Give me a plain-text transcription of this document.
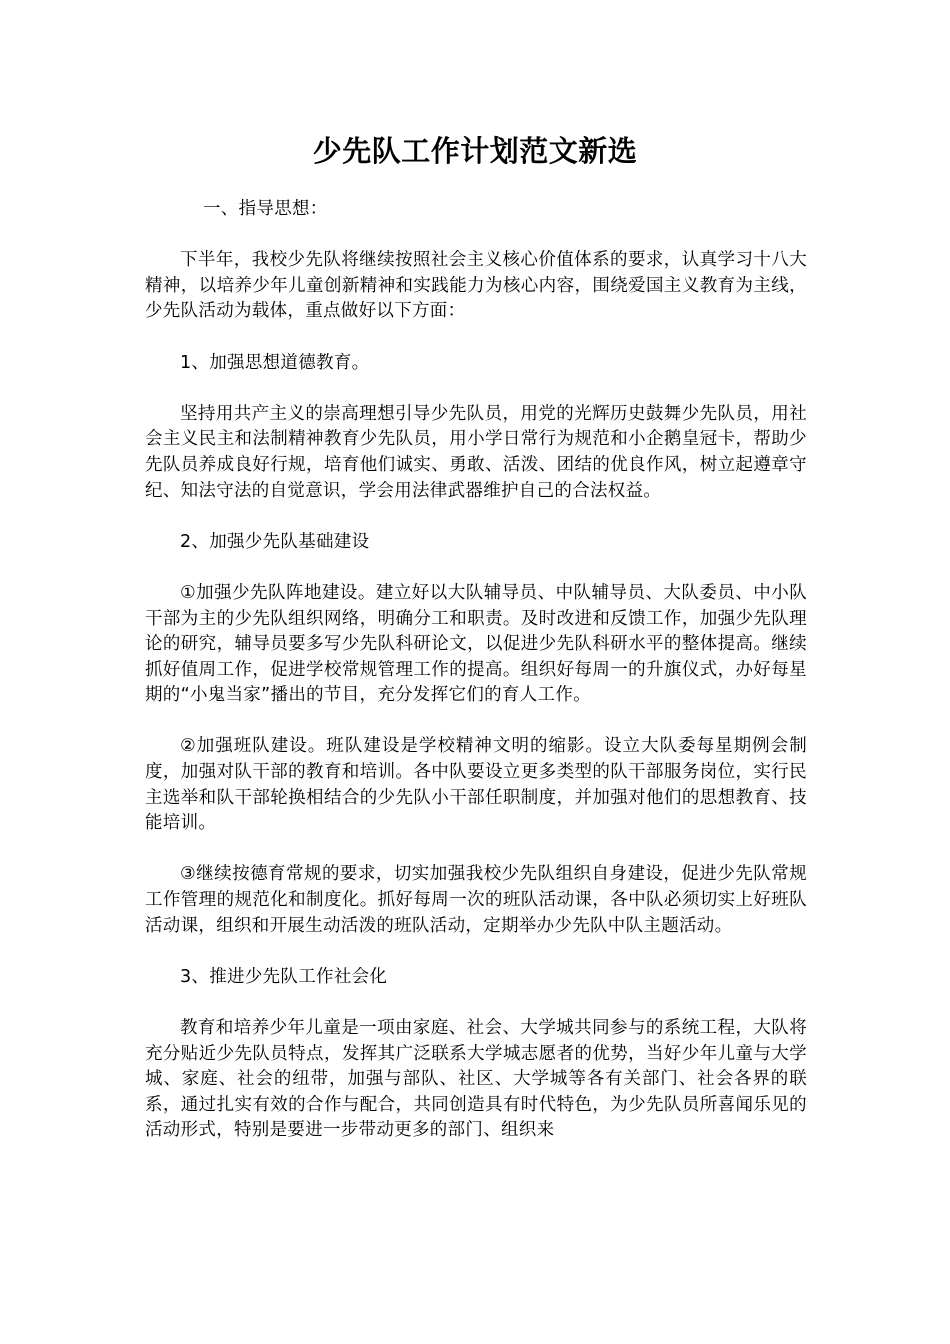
少先队工作计划范文新选

一、指导思想：

下半年，我校少先队将继续按照社会主义核心价值体系的要求，认真学习十八大精神，以培养少年儿童创新精神和实践能力为核心内容，围绕爱国主义教育为主线，少先队活动为载体，重点做好以下方面：

1、加强思想道德教育。

坚持用共产主义的崇高理想引导少先队员，用党的光辉历史鼓舞少先队员，用社会主义民主和法制精神教育少先队员，用小学日常行为规范和小企鹅皇冠卡，帮助少先队员养成良好行规，培育他们诚实、勇敢、活泼、团结的优良作风，树立起遵章守纪、知法守法的自觉意识，学会用法律武器维护自己的合法权益。

2、加强少先队基础建设

①加强少先队阵地建设。建立好以大队辅导员、中队辅导员、大队委员、中小队干部为主的少先队组织网络，明确分工和职责。及时改进和反馈工作，加强少先队理论的研究，辅导员要多写少先队科研论文，以促进少先队科研水平的整体提高。继续抓好值周工作，促进学校常规管理工作的提高。组织好每周一的升旗仪式，办好每星期的“小鬼当家”播出的节目，充分发挥它们的育人工作。

②加强班队建设。班队建设是学校精神文明的缩影。设立大队委每星期例会制度，加强对队干部的教育和培训。各中队要设立更多类型的队干部服务岗位，实行民主选举和队干部轮换相结合的少先队小干部任职制度，并加强对他们的思想教育、技能培训。

③继续按德育常规的要求，切实加强我校少先队组织自身建设，促进少先队常规工作管理的规范化和制度化。抓好每周一次的班队活动课，各中队必须切实上好班队活动课，组织和开展生动活泼的班队活动，定期举办少先队中队主题活动。

3、推进少先队工作社会化

教育和培养少年儿童是一项由家庭、社会、大学城共同参与的系统工程，大队将充分贴近少先队员特点，发挥其广泛联系大学城志愿者的优势，当好少年儿童与大学城、家庭、社会的纽带，加强与部队、社区、大学城等各有关部门、社会各界的联系，通过扎实有效的合作与配合，共同创造具有时代特色，为少先队员所喜闻乐见的活动形式，特别是要进一步带动更多的部门、组织来
